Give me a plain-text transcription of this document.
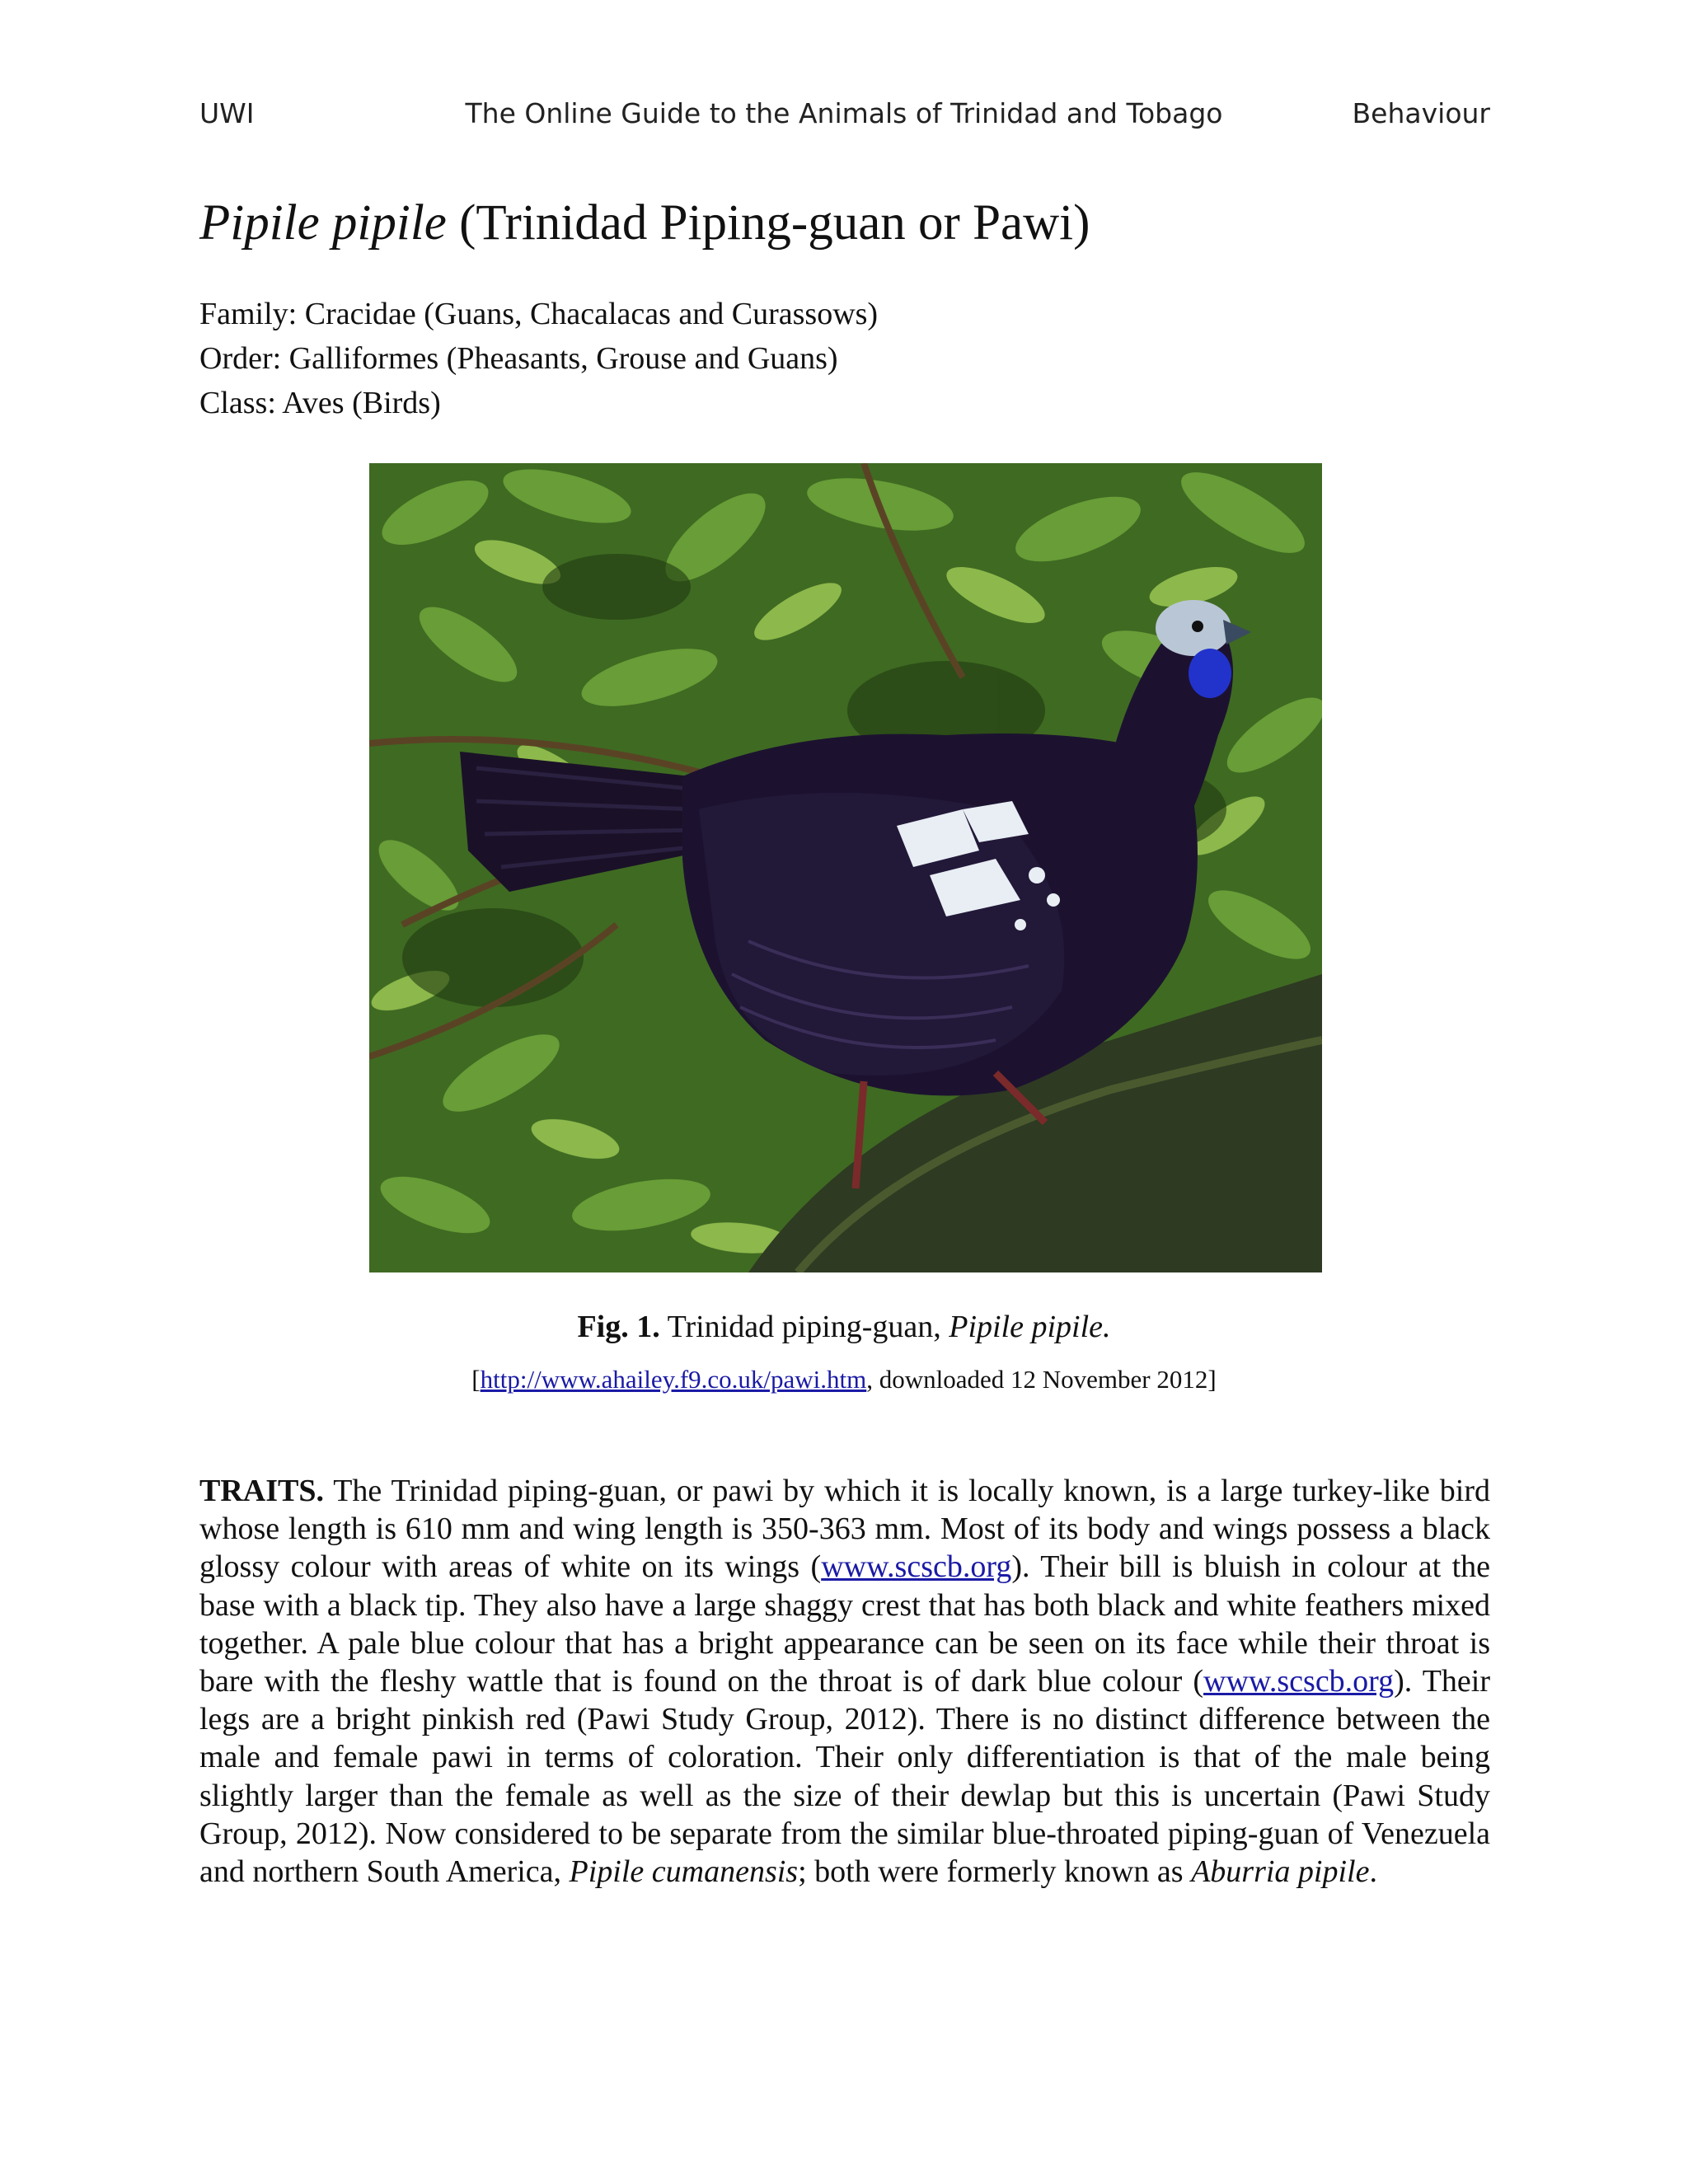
UWI	The Online Guide to the Animals of Trinidad and Tobago	Behaviour
Pipile pipile (Trinidad Piping-guan or Pawi)
Family: Cracidae (Guans, Chacalacas and Curassows)
Order: Galliformes (Pheasants, Grouse and Guans)
Class: Aves (Birds)
Fig. 1. Trinidad piping-guan, Pipile pipile.
[http://www.ahailey.f9.co.uk/pawi.htm, downloaded 12 November 2012]

TRAITS. The Trinidad piping-guan, or pawi by which it is locally known, is a large turkey-like bird whose length is 610 mm and wing length is 350-363 mm. Most of its body and wings possess a black glossy colour with areas of white on its wings (www.scscb.org). Their bill is bluish in colour at the base with a black tip. They also have a large shaggy crest that has both black and white feathers mixed together. A pale blue colour that has a bright appearance can be seen on its face while their throat is bare with the fleshy wattle that is found on the throat is of dark blue colour (www.scscb.org). Their legs are a bright pinkish red (Pawi Study Group, 2012). There is no distinct difference between the male and female pawi in terms of coloration. Their only differentiation is that of the male being slightly larger than the female as well as the size of their dewlap but this is uncertain (Pawi Study Group, 2012). Now considered to be separate from the similar blue-throated piping-guan of Venezuela and northern South America, Pipile cumanensis; both were formerly known as Aburria pipile.
